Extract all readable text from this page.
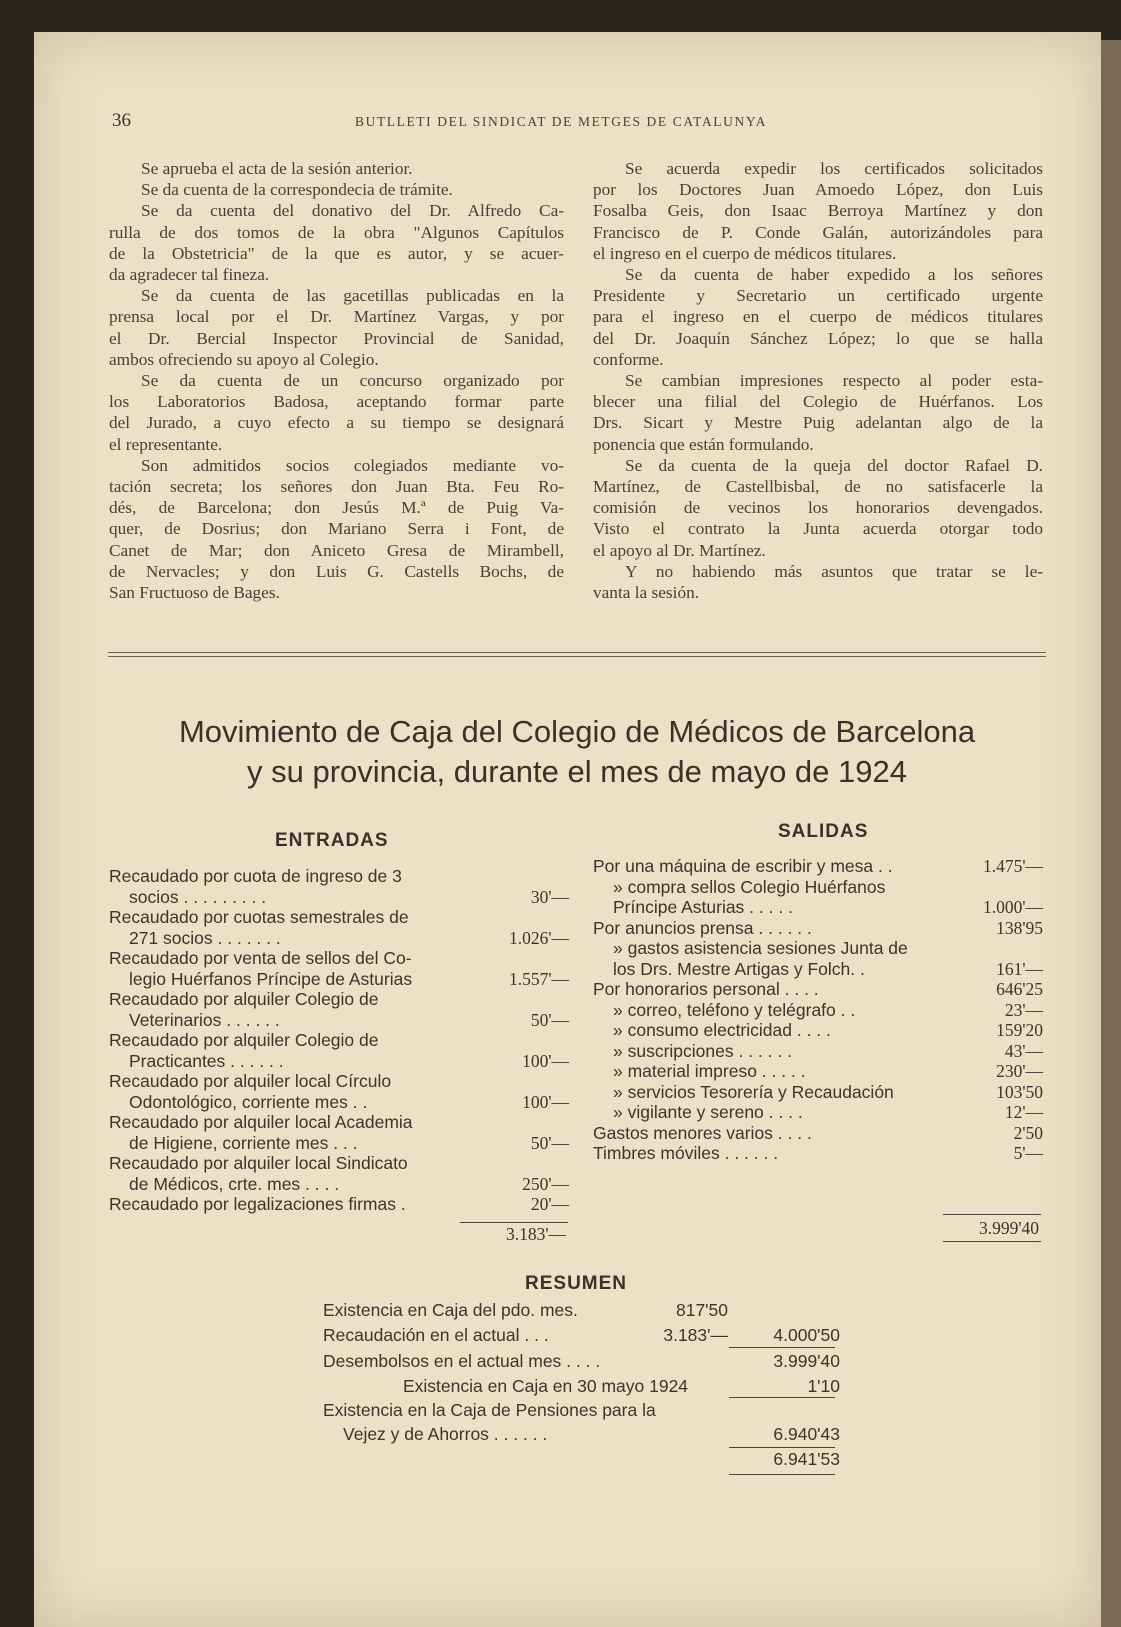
36	BUTLLETI DEL SINDICAT DE METGES DE CATALUNYA

Se aprueba el acta de la sesión anterior.

Se da cuenta de la correspondecia de trámite.

Se da cuenta del donativo del Dr. Alfredo Ca-

rulla de dos tomos de la obra "Algunos Capítulos

de la Obstetricia" de la que es autor, y se acuer-

da agradecer tal fineza.

Se da cuenta de las gacetillas publicadas en la

prensa local por el Dr. Martínez Vargas, y por

el Dr. Bercial Inspector Provincial de Sanidad,

ambos ofreciendo su apoyo al Colegio.

Se da cuenta de un concurso organizado por

los Laboratorios Badosa, aceptando formar parte

del Jurado, a cuyo efecto a su tiempo se designará

el representante.

Son admitidos socios colegiados mediante vo-

tación secreta; los señores don Juan Bta. Feu Ro-

dés, de Barcelona; don Jesús M.ª de Puig Va-

quer, de Dosrius; don Mariano Serra i Font, de

Canet de Mar; don Aniceto Gresa de Mirambell,

de Nervacles; y don Luis G. Castells Bochs, de

San Fructuoso de Bages.

Se acuerda expedir los certificados solicitados

por los Doctores Juan Amoedo López, don Luis

Fosalba Geis, don Isaac Berroya Martínez y don

Francisco de P. Conde Galán, autorizándoles para

el ingreso en el cuerpo de médicos titulares.

Se da cuenta de haber expedido a los señores

Presidente y Secretario un certificado urgente

para el ingreso en el cuerpo de médicos titulares

del Dr. Joaquín Sánchez López; lo que se halla

conforme.

Se cambian impresiones respecto al poder esta-

blecer una filial del Colegio de Huérfanos. Los

Drs. Sicart y Mestre Puig adelantan algo de la

ponencia que están formulando.

Se da cuenta de la queja del doctor Rafael D.

Martínez, de Castellbisbal, de no satisfacerle la

comisión de vecinos los honorarios devengados.

Visto el contrato la Junta acuerda otorgar todo

el apoyo al Dr. Martínez.

Y no habiendo más asuntos que tratar se le-

vanta la sesión.

Movimiento de Caja del Colegio de Médicos de Barcelona
y su provincia, durante el mes de mayo de 1924
ENTRADAS	SALIDAS
Recaudado por cuota de ingreso de 3
socios . . . . . . . . .	30'—
Recaudado por cuotas semestrales de
271 socios . . . . . . .	1.026'—
Recaudado por venta de sellos del Co-
legio Huérfanos Príncipe de Asturias	1.557'—
Recaudado por alquiler Colegio de
Veterinarios . . . . . .	50'—
Recaudado por alquiler Colegio de
Practicantes . . . . . .	100'—
Recaudado por alquiler local Círculo
Odontológico, corriente mes . .	100'—
Recaudado por alquiler local Academia
de Higiene, corriente mes . . .	50'—
Recaudado por alquiler local Sindicato
de Médicos, crte. mes . . . .	250'—
Recaudado por legalizaciones firmas .	20'—
Por una máquina de escribir y mesa . .	1.475'—
» compra sellos Colegio Huérfanos
Príncipe Asturias . . . . .	1.000'—
Por anuncios prensa . . . . . .	138'95
» gastos asistencia sesiones Junta de
los Drs. Mestre Artigas y Folch. .	161'—
Por honorarios personal . . . .	646'25
» correo, teléfono y telégrafo . .	23'—
» consumo electricidad . . . .	159'20
» suscripciones . . . . . .	43'—
» material impreso . . . . .	230'—
» servicios Tesorería y Recaudación	103'50
» vigilante y sereno . . . .	12'—
Gastos menores varios . . . .	2'50
Timbres móviles . . . . . .	5'—
3.183'—	3.999'40
RESUMEN
Existencia en Caja del pdo. mes.	817'50
Recaudación en el actual . . .	3.183'—	4.000'50
Desembolsos en el actual mes . . . .	3.999'40
Existencia en Caja en 30 mayo 1924	1'10
Existencia en la Caja de Pensiones para la
Vejez y de Ahorros . . . . . .	6.940'43
6.941'53
